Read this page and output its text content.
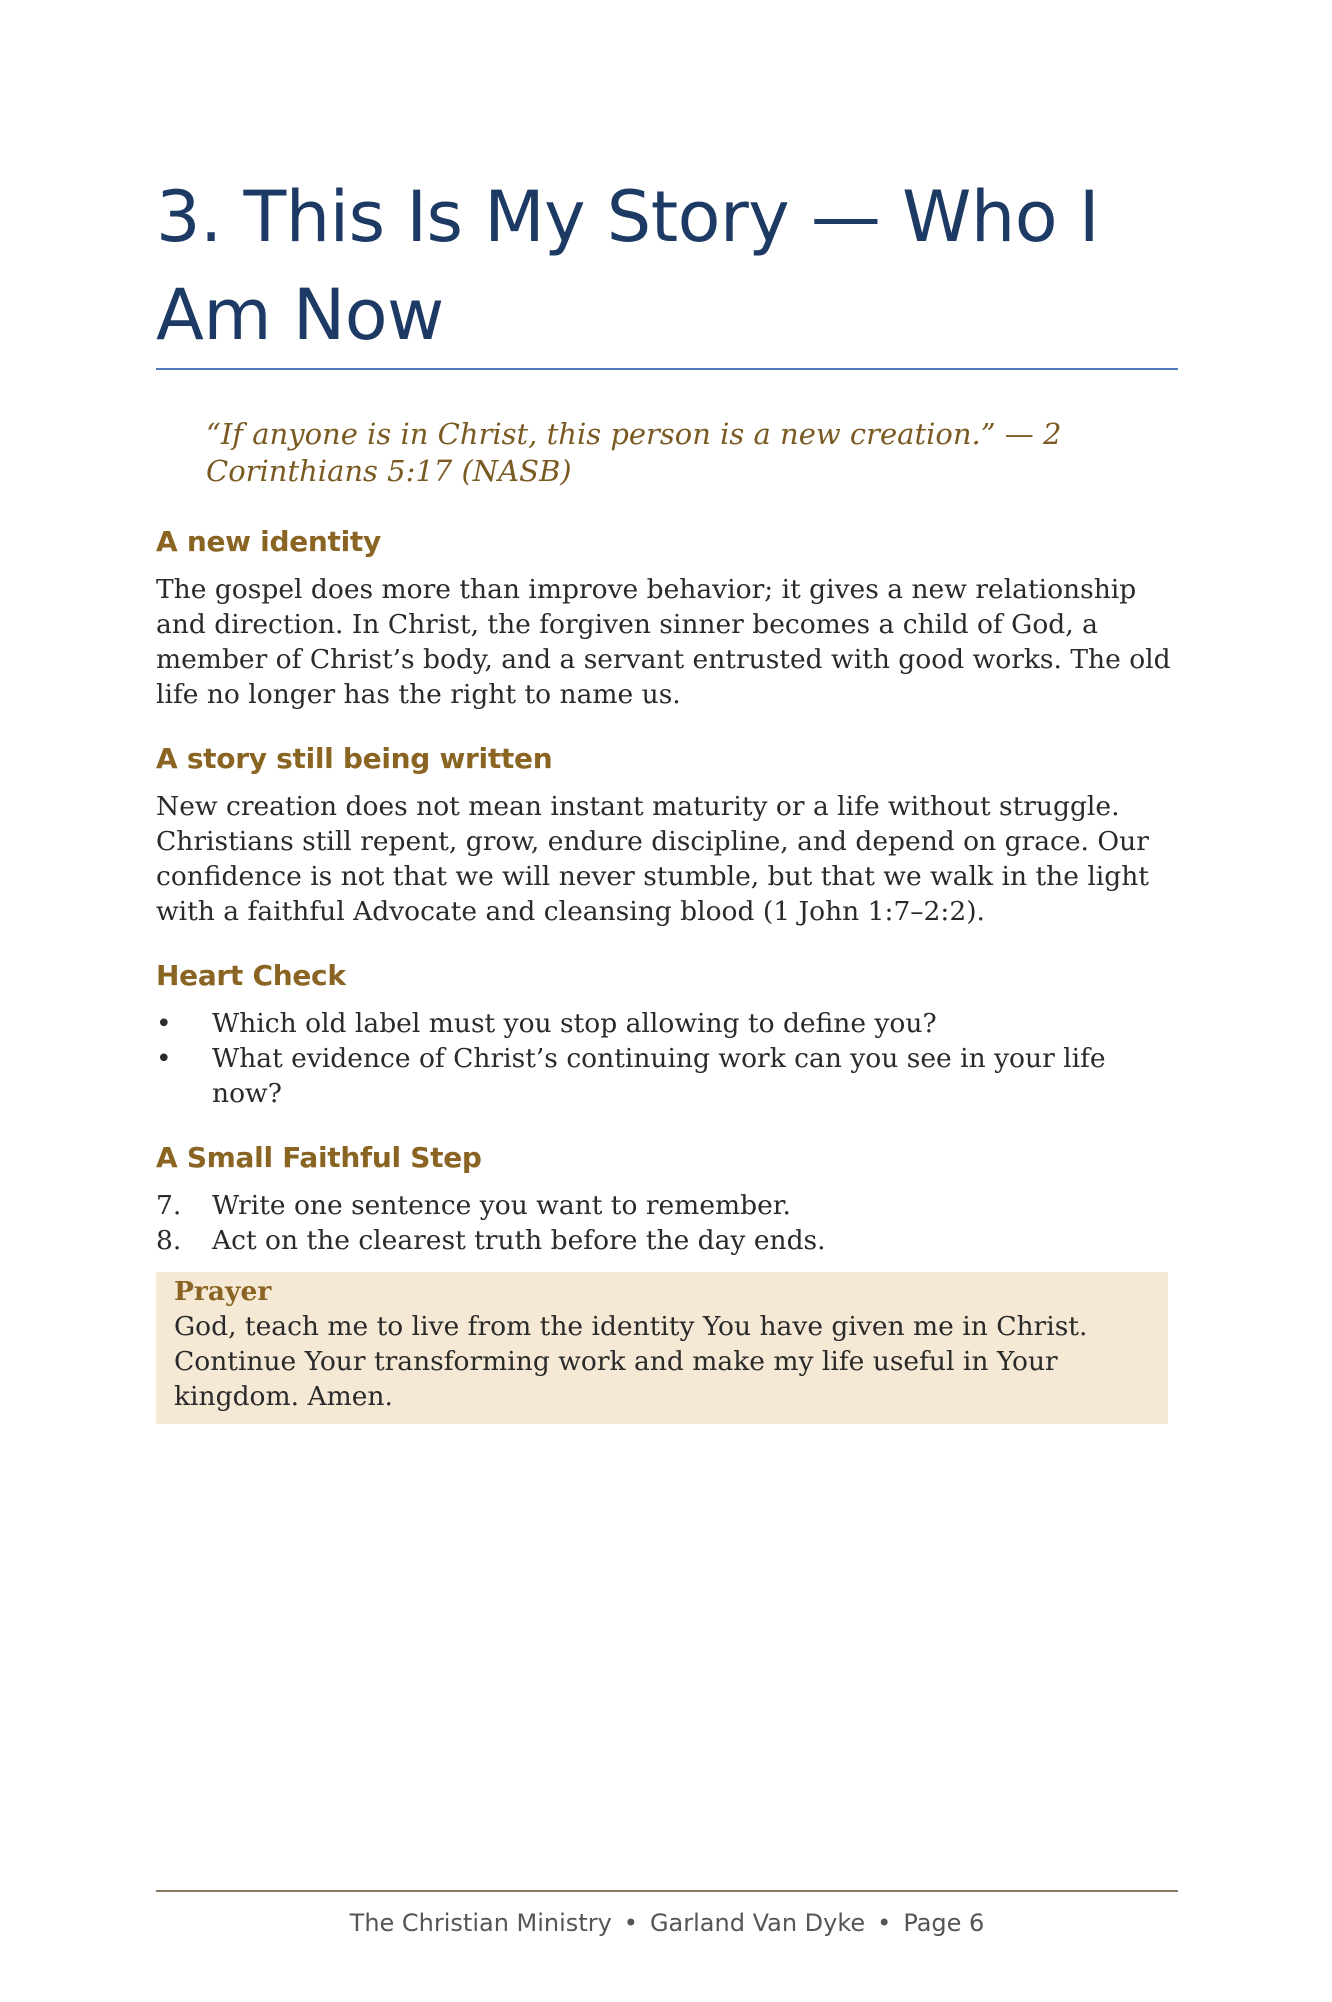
3. This Is My Story — Who I Am Now

“If anyone is in Christ, this person is a new creation.” — 2 Corinthians 5:17 (NASB)

A new identity

The gospel does more than improve behavior; it gives a new relationship and direction. In Christ, the forgiven sinner becomes a child of God, a member of Christ’s body, and a servant entrusted with good works. The old life no longer has the right to name us.

A story still being written

New creation does not mean instant maturity or a life without struggle. Christians still repent, grow, endure discipline, and depend on grace. Our confidence is not that we will never stumble, but that we walk in the light with a faithful Advocate and cleansing blood (1 John 1:7–2:2).

Heart Check
• Which old label must you stop allowing to define you?
• What evidence of Christ’s continuing work can you see in your life now?
A Small Faithful Step
7. Write one sentence you want to remember.
8. Act on the clearest truth before the day ends.

Prayer

God, teach me to live from the identity You have given me in Christ. Continue Your transforming work and make my life useful in Your kingdom. Amen.

The Christian Ministry • Garland Van Dyke • Page 6
